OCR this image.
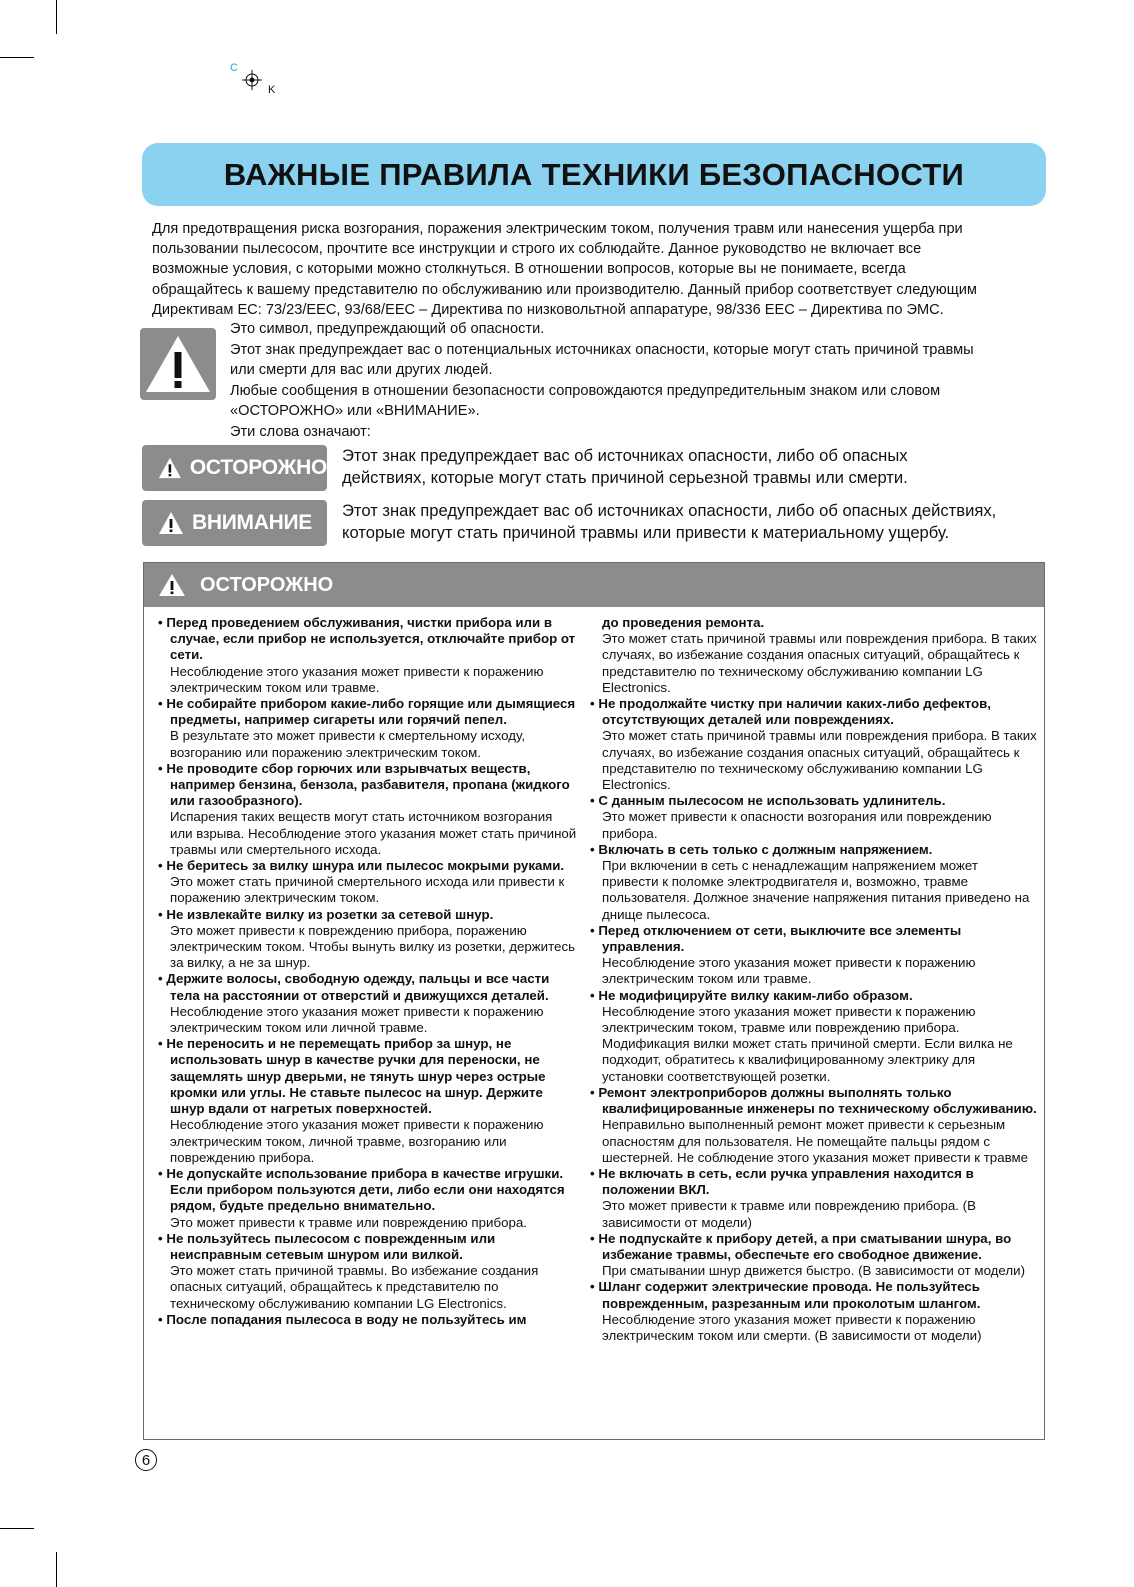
C
K
ВАЖНЫЕ ПРАВИЛА ТЕХНИКИ БЕЗОПАСНОСТИ
Для предотвращения риска возгорания, поражения электрическим током, получения травм или нанесения ущерба при
пользовании пылесосом, прочтите все инструкции и строго их соблюдайте. Данное руководство не включает все
возможные условия, с которыми можно столкнуться. В отношении вопросов, которые вы не понимаете, всегда
обращайтесь к вашему представителю по обслуживанию или производителю. Данный прибор соответствует следующим
Директивам ЕС: 73/23/EEC, 93/68/EEC – Директива по низковольтной аппаратуре, 98/336 EEC – Директива по ЭМС.
Это символ, предупреждающий об опасности.
Этот знак предупреждает вас о потенциальных источниках опасности, которые могут стать причиной травмы
или смерти для вас или других людей.
Любые сообщения в отношении безопасности сопровождаются предупредительным знаком или словом
«ОСТОРОЖНО» или «ВНИМАНИЕ».
Эти слова означают:
ОСТОРОЖНО
Этот знак предупреждает вас об источниках опасности, либо об опасных
действиях, которые могут стать причиной серьезной травмы или смерти.
ВНИМАНИЕ
Этот знак предупреждает вас об источниках опасности, либо об опасных действиях,
которые могут стать причиной травмы или привести к материальному ущербу.
ОСТОРОЖНО
• Перед проведением обслуживания, чистки прибора или в случае, если прибор не используется, отключайте прибор от сети.
Несоблюдение этого указания может привести к поражению электрическим током или травме.
• Не собирайте прибором какие-либо горящие или дымящиеся предметы, например сигареты или горячий пепел.
В результате это может привести к смертельному исходу, возгоранию или поражению электрическим током.
• Не проводите сбор горючих или взрывчатых веществ, например бензина, бензола, разбавителя, пропана (жидкого или газообразного).
Испарения таких веществ могут стать источником возгорания или взрыва. Несоблюдение этого указания может стать причиной травмы или смертельного исхода.
• Не беритесь за вилку шнура или пылесос мокрыми руками.
Это может стать причиной смертельного исхода или привести к поражению электрическим током.
• Не извлекайте вилку из розетки за сетевой шнур.
Это может привести к повреждению прибора, поражению электрическим током. Чтобы вынуть вилку из розетки, держитесь за вилку, а не за шнур.
• Держите волосы, свободную одежду, пальцы и все части тела на расстоянии от отверстий и движущихся деталей.
Несоблюдение этого указания может привести к поражению электрическим током или личной травме.
• Не переносить и не перемещать прибор за шнур, не использовать шнур в качестве ручки для переноски, не защемлять шнур дверьми, не тянуть шнур через острые кромки или углы. Не ставьте пылесос на шнур. Держите шнур вдали от нагретых поверхностей.
Несоблюдение этого указания может привести к поражению электрическим током, личной травме, возгоранию или повреждению прибора.
• Не допускайте использование прибора в качестве игрушки. Если прибором пользуются дети, либо если они находятся рядом, будьте предельно внимательно.
Это может привести к травме или повреждению прибора.
• Не пользуйтесь пылесосом с поврежденным или неисправным сетевым шнуром или вилкой.
Это может стать причиной травмы. Во избежание создания опасных ситуаций, обращайтесь к представителю по техническому обслуживанию компании LG Electronics.
• После попадания пылесоса в воду не пользуйтесь им
до проведения ремонта.
Это может стать причиной травмы или повреждения прибора. В таких случаях, во избежание создания опасных ситуаций, обращайтесь к представителю по техническому обслуживанию компании LG Electronics.
• Не продолжайте чистку при наличии каких-либо дефектов, отсутствующих деталей или повреждениях.
Это может стать причиной травмы или повреждения прибора. В таких случаях, во избежание создания опасных ситуаций, обращайтесь к представителю по техническому обслуживанию компании LG Electronics.
• С данным пылесосом не использовать удлинитель.
Это может привести к опасности возгорания или повреждению прибора.
• Включать в сеть только с должным напряжением.
При включении в сеть с ненадлежащим напряжением может привести к поломке электродвигателя и, возможно, травме пользователя. Должное значение напряжения питания приведено на днище пылесоса.
• Перед отключением от сети, выключите все элементы управления.
Несоблюдение этого указания может привести к поражению электрическим током или травме.
• Не модифицируйте вилку каким-либо образом.
Несоблюдение этого указания может привести к поражению электрическим током, травме или повреждению прибора. Модификация вилки может стать причиной смерти. Если вилка не подходит, обратитесь к квалифицированному электрику для установки соответствующей розетки.
• Ремонт электроприборов должны выполнять только квалифицированные инженеры по техническому обслуживанию.
Неправильно выполненный ремонт может привести к серьезным опасностям для пользователя. Не помещайте пальцы рядом с шестерней. Не соблюдение этого указания может привести к травме
• Не включать в сеть, если ручка управления находится в положении ВКЛ.
Это может привести к травме или повреждению прибора. (В зависимости от модели)
• Не подпускайте к прибору детей, а при сматывании шнура, во избежание травмы, обеспечьте его свободное движение.
При сматывании шнур движется быстро. (В зависимости от модели)
• Шланг содержит электрические провода. Не пользуйтесь поврежденным, разрезанным или проколотым шлангом.
Несоблюдение этого указания может привести к поражению электрическим током или смерти. (В зависимости от модели)
6
